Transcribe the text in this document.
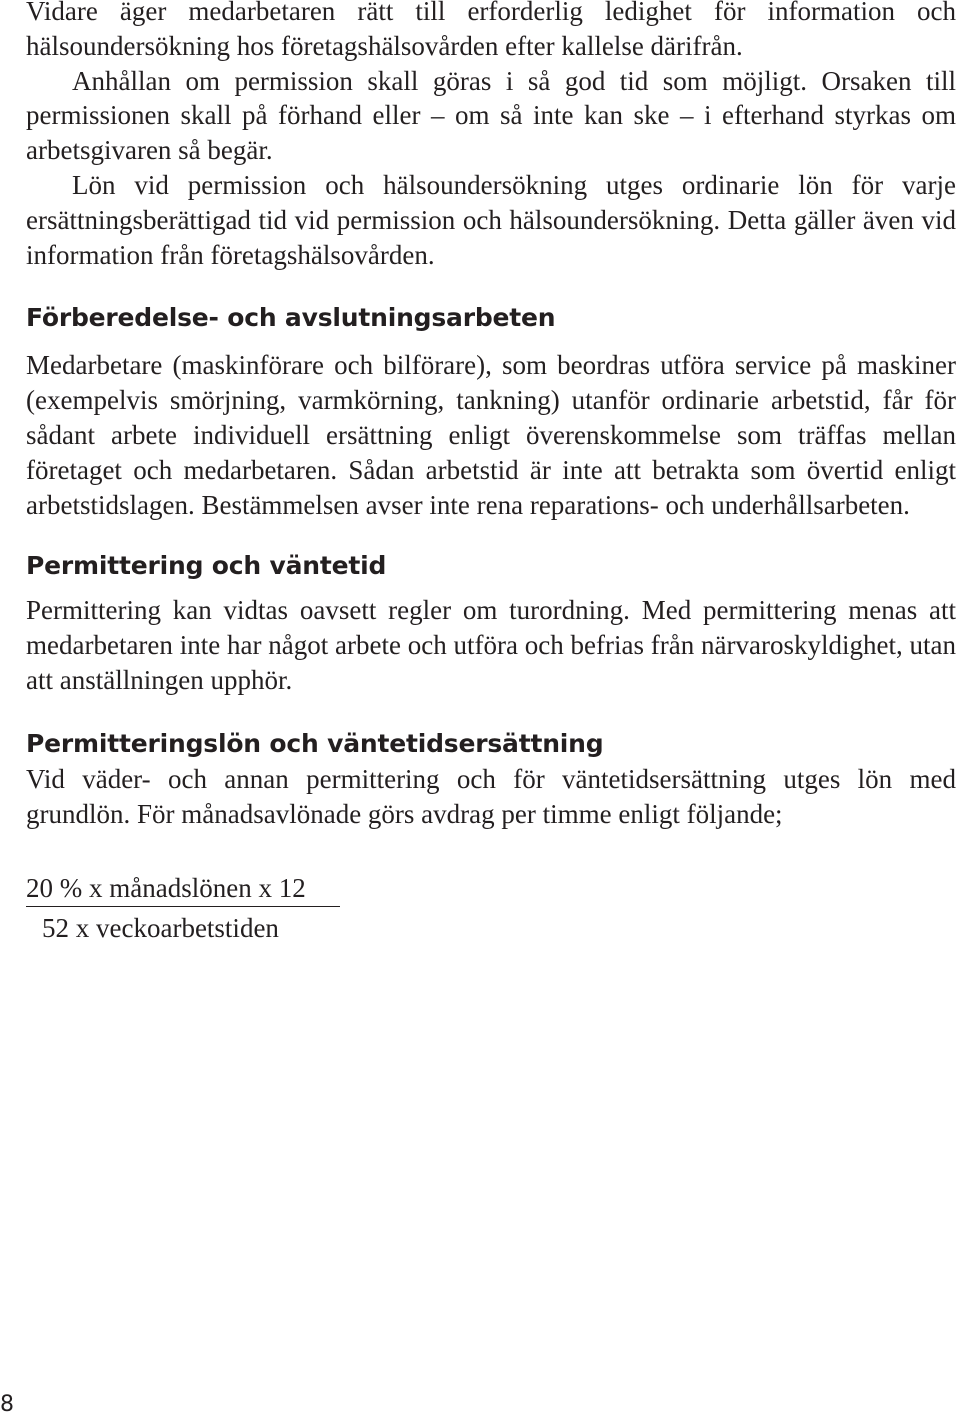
Vidare äger medarbetaren rätt till erforderlig ledighet för information och hälsoundersökning hos företagshälsovården efter kallelse därifrån.

Anhållan om permission skall göras i så god tid som möjligt. Orsaken till permissionen skall på förhand eller – om så inte kan ske – i efterhand styrkas om arbetsgivaren så begär.

Lön vid permission och hälsoundersökning utges ordinarie lön för varje ersättningsberättigad tid vid permission och hälsoundersökning. Detta gäller även vid information från företagshälsovården.

Förberedelse- och avslutningsarbeten

Medarbetare (maskinförare och bilförare), som beordras utföra service på maskiner (exempelvis smörjning, varmkörning, tankning) utanför ordinarie arbetstid, får för sådant arbete individuell ersättning enligt överenskommelse som träffas mellan företaget och medarbetaren. Sådan arbetstid är inte att betrakta som övertid enligt arbetstidslagen. Bestämmelsen avser inte rena reparations- och underhållsarbeten.

Permittering och väntetid

Permittering kan vidtas oavsett regler om turordning. Med permittering menas att medarbetaren inte har något arbete och utföra och befrias från närvaroskyldighet, utan att anställningen upphör.

Permitteringslön och väntetidsersättning

Vid väder- och annan permittering och för väntetidsersättning utges lön med grundlön. För månadsavlönade görs avdrag per timme enligt följande;

20 % x månadslönen x 12
52 x veckoarbetstiden
8
